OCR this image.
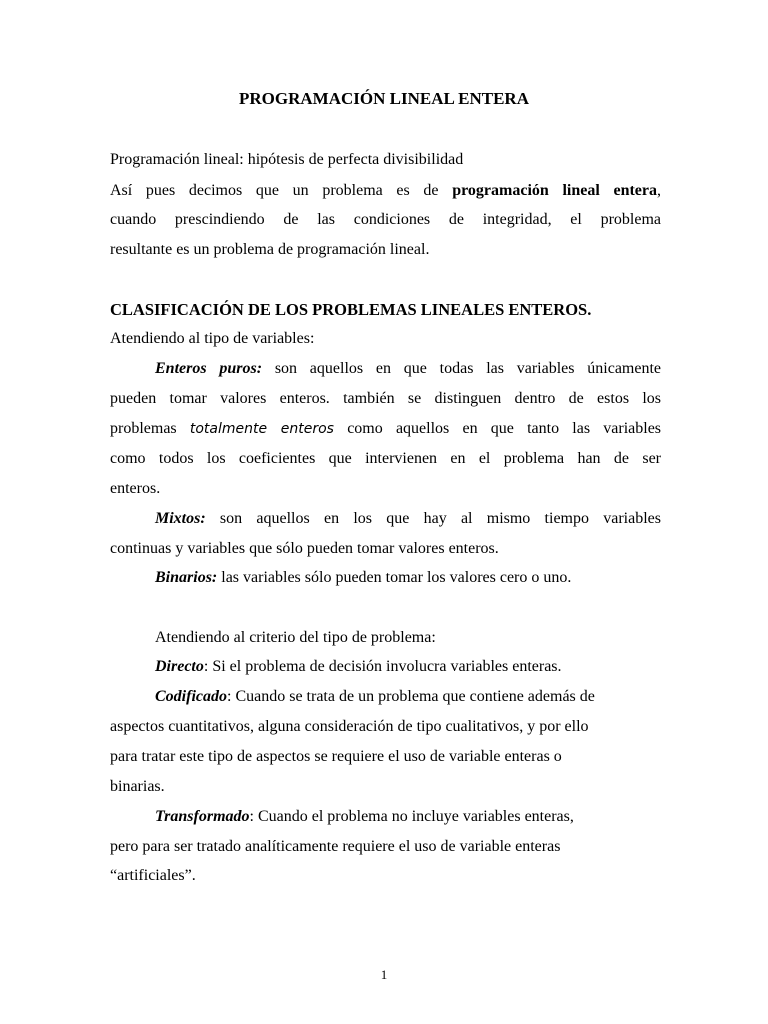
PROGRAMACIÓN LINEAL ENTERA
Programación lineal: hipótesis de perfecta divisibilidad
Así pues decimos que un problema es de programación lineal entera,
cuando prescindiendo de las condiciones de integridad, el problema
resultante es un problema de programación lineal.
CLASIFICACIÓN DE LOS PROBLEMAS LINEALES ENTEROS.
Atendiendo al tipo de variables:
Enteros puros: son aquellos en que todas las variables únicamente
pueden tomar valores enteros. también se distinguen dentro de estos los
problemas totalmente enteros como aquellos en que tanto las variables
como todos los coeficientes que intervienen en el problema han de ser
enteros.
Mixtos: son aquellos en los que hay al mismo tiempo variables
continuas y variables que sólo pueden tomar valores enteros.
Binarios: las variables sólo pueden tomar los valores cero o uno.
Atendiendo al criterio del tipo de problema:
Directo: Si el problema de decisión involucra variables enteras.
Codificado: Cuando se trata de un problema que contiene además de
aspectos cuantitativos, alguna consideración de tipo cualitativos, y por ello
para tratar este tipo de aspectos se requiere el uso de variable enteras o
binarias.
Transformado: Cuando el problema no incluye variables enteras,
pero para ser tratado analíticamente requiere el uso de variable enteras
“artificiales”.
1
